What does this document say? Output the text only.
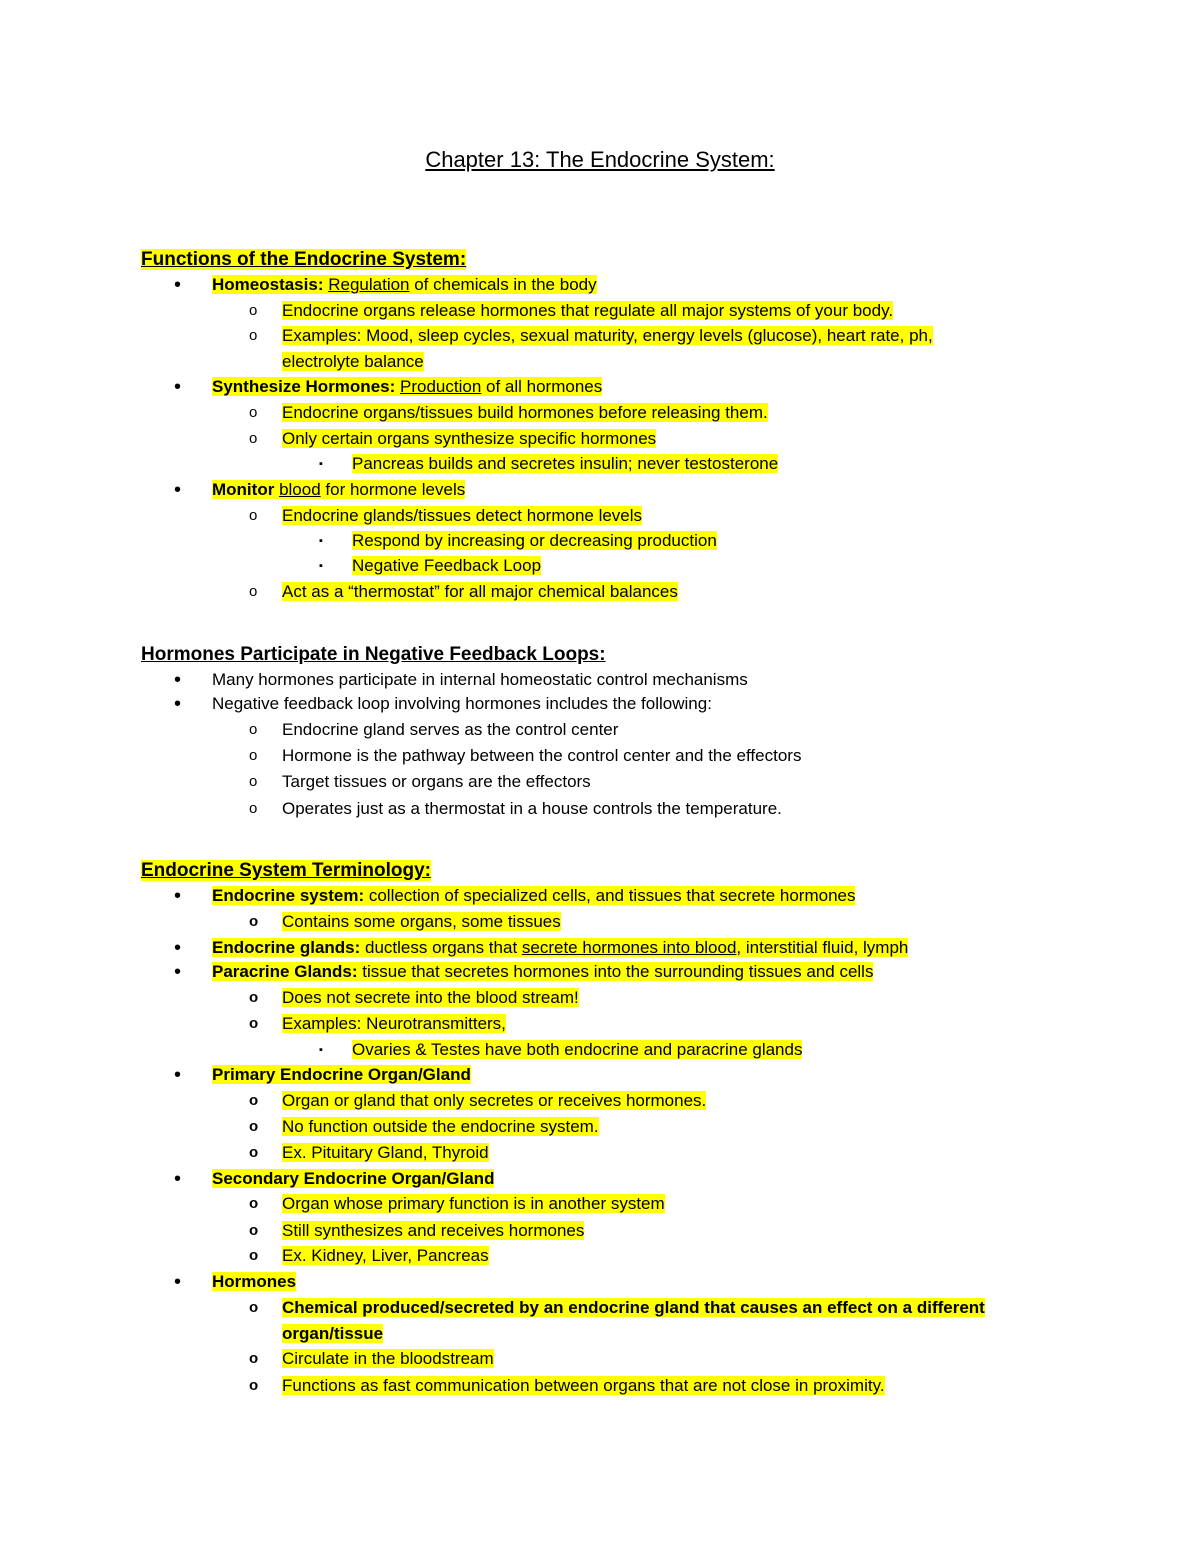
Chapter 13: The Endocrine System:
Functions of the Endocrine System:
• Homeostasis: Regulation of chemicals in the body
o Endocrine organs release hormones that regulate all major systems of your body.
o Examples: Mood, sleep cycles, sexual maturity, energy levels (glucose), heart rate, ph,
electrolyte balance
• Synthesize Hormones: Production of all hormones
o Endocrine organs/tissues build hormones before releasing them.
o Only certain organs synthesize specific hormones
▪ Pancreas builds and secretes insulin; never testosterone
• Monitor blood for hormone levels
o Endocrine glands/tissues detect hormone levels
▪ Respond by increasing or decreasing production
▪ Negative Feedback Loop
o Act as a “thermostat” for all major chemical balances
Hormones Participate in Negative Feedback Loops:
• Many hormones participate in internal homeostatic control mechanisms
• Negative feedback loop involving hormones includes the following:
o Endocrine gland serves as the control center
o Hormone is the pathway between the control center and the effectors
o Target tissues or organs are the effectors
o Operates just as a thermostat in a house controls the temperature.
Endocrine System Terminology:
• Endocrine system: collection of specialized cells, and tissues that secrete hormones
o Contains some organs, some tissues
• Endocrine glands: ductless organs that secrete hormones into blood, interstitial fluid, lymph
• Paracrine Glands: tissue that secretes hormones into the surrounding tissues and cells
o Does not secrete into the blood stream!
o Examples: Neurotransmitters,
▪ Ovaries & Testes have both endocrine and paracrine glands
• Primary Endocrine Organ/Gland
o Organ or gland that only secretes or receives hormones.
o No function outside the endocrine system.
o Ex. Pituitary Gland, Thyroid
• Secondary Endocrine Organ/Gland
o Organ whose primary function is in another system
o Still synthesizes and receives hormones
o Ex. Kidney, Liver, Pancreas
• Hormones
o Chemical produced/secreted by an endocrine gland that causes an effect on a different
organ/tissue
o Circulate in the bloodstream
o Functions as fast communication between organs that are not close in proximity.
